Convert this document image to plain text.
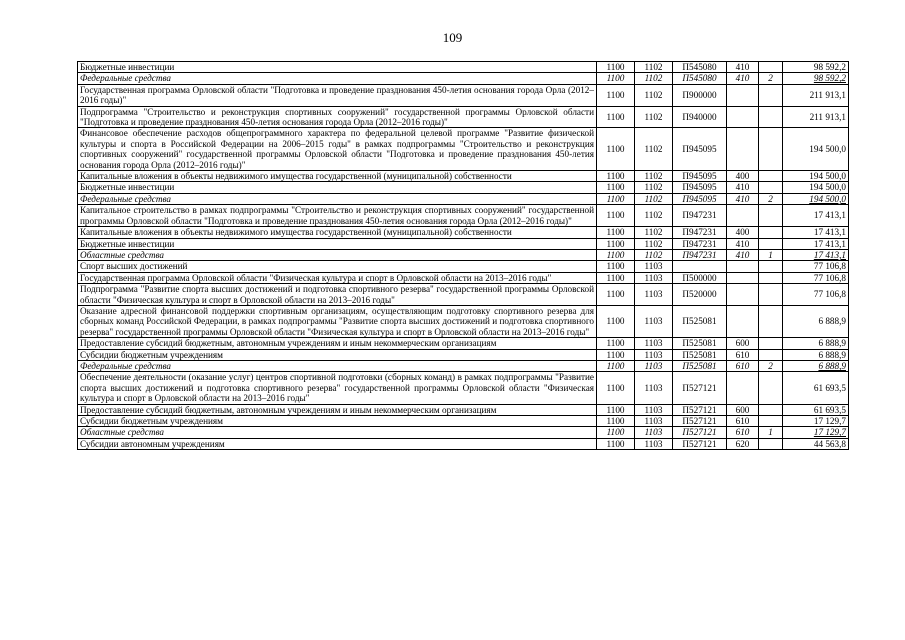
109
Бюджетные инвестиции	1100	1102	П545080	410		98 592,2
Федеральные средства	1100	1102	П545080	410	2	98 592,2
Государственная программа Орловской области "Подготовка и проведение празднования 450-летия основания города Орла (2012–2016 годы)"	1100	1102	П900000			211 913,1
Подпрограмма "Строительство и реконструкция спортивных сооружений" государственной программы Орловской области "Подготовка и проведение празднования 450-летия основания города Орла (2012–2016 годы)"	1100	1102	П940000			211 913,1
Финансовое обеспечение расходов общепрограммного характера по федеральной целевой программе "Развитие физической культуры и спорта в Российской Федерации на 2006–2015 годы" в рамках подпрограммы "Строительство и реконструкция спортивных сооружений" государственной программы Орловской области "Подготовка и проведение празднования 450-летия основания города Орла (2012–2016 годы)"	1100	1102	П945095			194 500,0
Капитальные вложения в объекты недвижимого имущества государственной (муниципальной) собственности	1100	1102	П945095	400		194 500,0
Бюджетные инвестиции	1100	1102	П945095	410		194 500,0
Федеральные средства	1100	1102	П945095	410	2	194 500,0
Капитальное строительство в рамках подпрограммы "Строительство и реконструкция спортивных сооружений" государственной программы Орловской области "Подготовка и проведение празднования 450-летия основания города Орла (2012–2016 годы)"	1100	1102	П947231			17 413,1
Капитальные вложения в объекты недвижимого имущества государственной (муниципальной) собственности	1100	1102	П947231	400		17 413,1
Бюджетные инвестиции	1100	1102	П947231	410		17 413,1
Областные средства	1100	1102	П947231	410	1	17 413,1
Спорт высших достижений	1100	1103				77 106,8
Государственная программа Орловской области "Физическая культура и спорт в Орловской области на 2013–2016 годы"	1100	1103	П500000			77 106,8
Подпрограмма "Развитие спорта высших достижений и подготовка спортивного резерва" государственной программы Орловской области "Физическая культура и спорт в Орловской области на 2013–2016 годы"	1100	1103	П520000			77 106,8
Оказание адресной финансовой поддержки спортивным организациям, осуществляющим подготовку спортивного резерва для сборных команд Российской Федерации, в рамках подпрограммы "Развитие спорта высших достижений и подготовка спортивного резерва" государственной программы Орловской области "Физическая культура и спорт в Орловской области на 2013–2016 годы"	1100	1103	П525081			6 888,9
Предоставление субсидий бюджетным, автономным учреждениям и иным некоммерческим организациям	1100	1103	П525081	600		6 888,9
Субсидии бюджетным учреждениям	1100	1103	П525081	610		6 888,9
Федеральные средства	1100	1103	П525081	610	2	6 888,9
Обеспечение деятельности (оказание услуг) центров спортивной подготовки (сборных команд) в рамках подпрограммы "Развитие спорта высших достижений и подготовка спортивного резерва" государственной программы Орловской области "Физическая культура и спорт в Орловской области на 2013–2016 годы"	1100	1103	П527121			61 693,5
Предоставление субсидий бюджетным, автономным учреждениям и иным некоммерческим организациям	1100	1103	П527121	600		61 693,5
Субсидии бюджетным учреждениям	1100	1103	П527121	610		17 129,7
Областные средства	1100	1103	П527121	610	1	17 129,7
Субсидии автономным учреждениям	1100	1103	П527121	620		44 563,8
